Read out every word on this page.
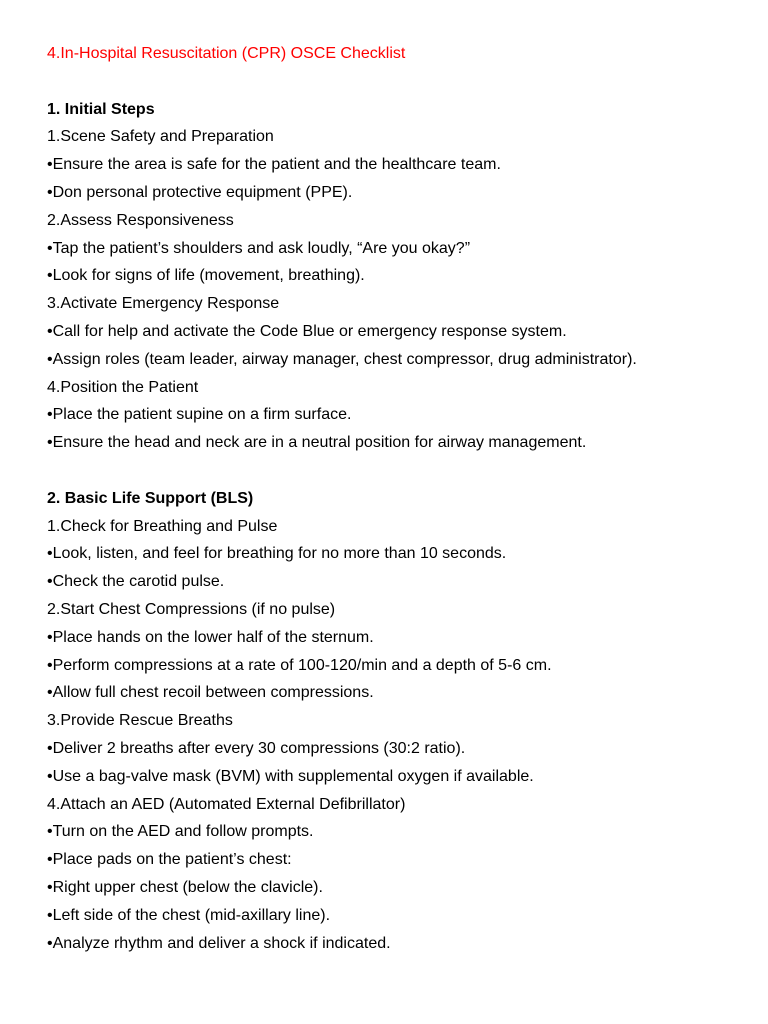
4.In-Hospital Resuscitation (CPR) OSCE Checklist
1. Initial Steps
1.Scene Safety and Preparation
•Ensure the area is safe for the patient and the healthcare team.
•Don personal protective equipment (PPE).
2.Assess Responsiveness
•Tap the patient’s shoulders and ask loudly, “Are you okay?”
•Look for signs of life (movement, breathing).
3.Activate Emergency Response
•Call for help and activate the Code Blue or emergency response system.
•Assign roles (team leader, airway manager, chest compressor, drug administrator).
4.Position the Patient
•Place the patient supine on a firm surface.
•Ensure the head and neck are in a neutral position for airway management.
2. Basic Life Support (BLS)
1.Check for Breathing and Pulse
•Look, listen, and feel for breathing for no more than 10 seconds.
•Check the carotid pulse.
2.Start Chest Compressions (if no pulse)
•Place hands on the lower half of the sternum.
•Perform compressions at a rate of 100-120/min and a depth of 5-6 cm.
•Allow full chest recoil between compressions.
3.Provide Rescue Breaths
•Deliver 2 breaths after every 30 compressions (30:2 ratio).
•Use a bag-valve mask (BVM) with supplemental oxygen if available.
4.Attach an AED (Automated External Defibrillator)
•Turn on the AED and follow prompts.
•Place pads on the patient’s chest:
•Right upper chest (below the clavicle).
•Left side of the chest (mid-axillary line).
•Analyze rhythm and deliver a shock if indicated.
